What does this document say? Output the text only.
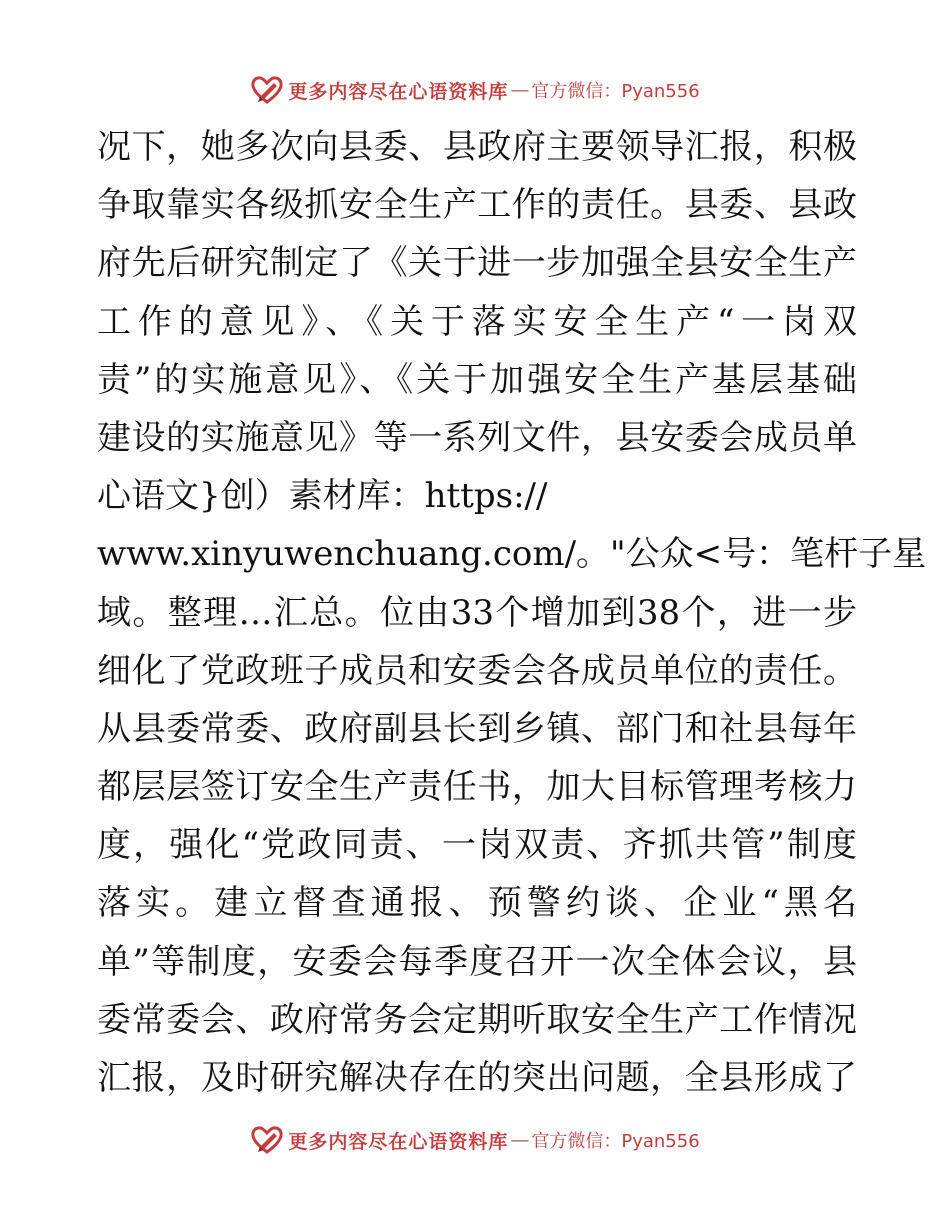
更多内容尽在心语资料库 — 官方微信：Pyan556
况下，她多次向县委、县政府主要领导汇报，积极
争取靠实各级抓安全生产工作的责任。县委、县政
府先后研究制定了《关于进一步加强全县安全生产
工作的意见》、《关于落实安全生产“一岗双
责”的实施意见》、《关于加强安全生产基层基础
建设的实施意见》等一系列文件，县安委会成员单
心语文}创）素材库：https://
www.xinyuwenchuang.com/。"公众<号：笔杆子星
域。整理…汇总。位由33个增加到38个，进一步
细化了党政班子成员和安委会各成员单位的责任。
从县委常委、政府副县长到乡镇、部门和社县每年
都层层签订安全生产责任书，加大目标管理考核力
度，强化“党政同责、一岗双责、齐抓共管”制度
落实。建立督查通报、预警约谈、企业“黑名
单”等制度，安委会每季度召开一次全体会议，县
委常委会、政府常务会定期听取安全生产工作情况
汇报，及时研究解决存在的突出问题，全县形成了
更多内容尽在心语资料库 — 官方微信：Pyan556
